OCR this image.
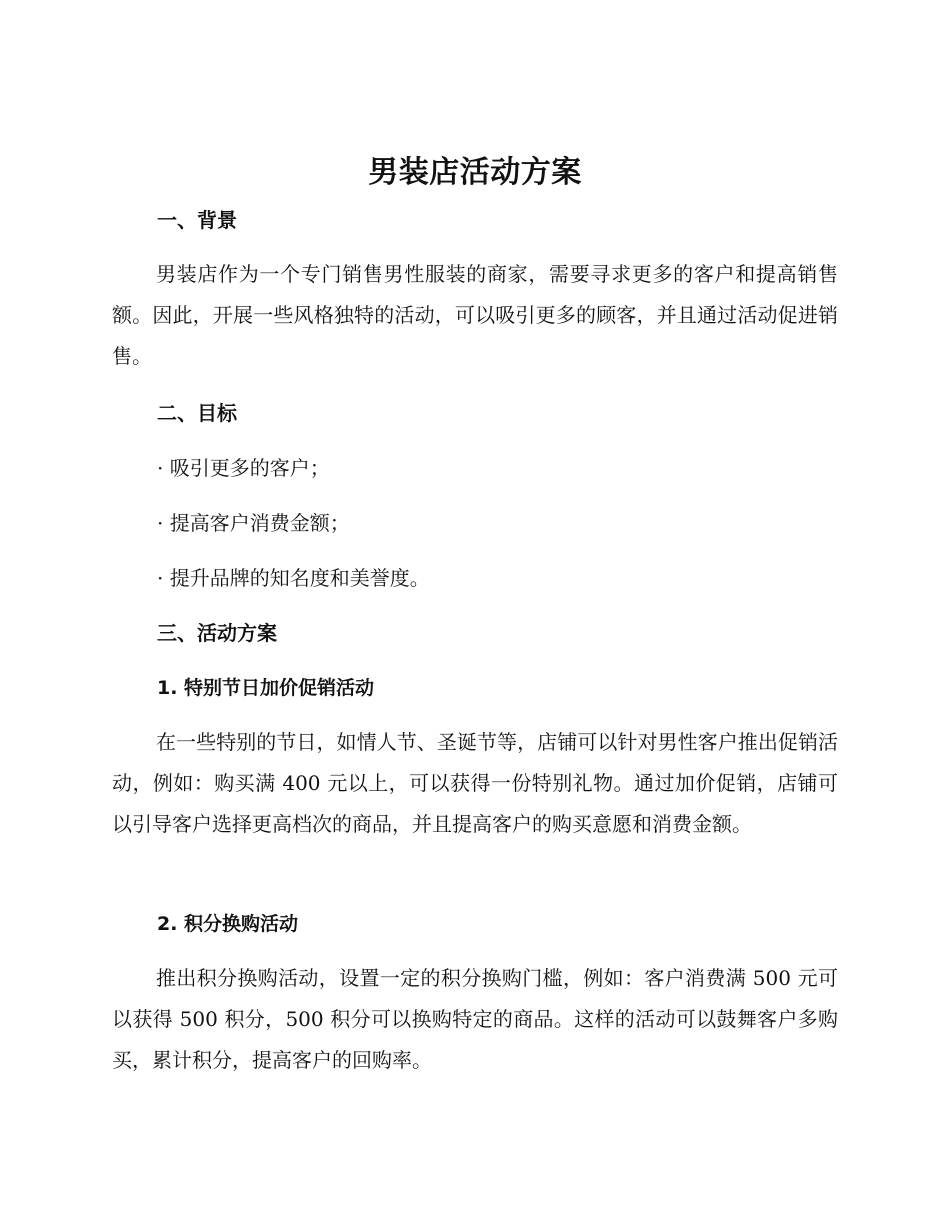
男装店活动方案
一、背景

男装店作为一个专门销售男性服装的商家，需要寻求更多的客户和提高销售额。因此，开展一些风格独特的活动，可以吸引更多的顾客，并且通过活动促进销售。

二、目标
· 吸引更多的客户；
· 提高客户消费金额；
· 提升品牌的知名度和美誉度。
三、活动方案
1. 特别节日加价促销活动

在一些特别的节日，如情人节、圣诞节等，店铺可以针对男性客户推出促销活动，例如：购买满 400 元以上，可以获得一份特别礼物。通过加价促销，店铺可以引导客户选择更高档次的商品，并且提高客户的购买意愿和消费金额。

2. 积分换购活动

推出积分换购活动，设置一定的积分换购门槛，例如：客户消费满 500 元可以获得 500 积分，500 积分可以换购特定的商品。这样的活动可以鼓舞客户多购买，累计积分，提高客户的回购率。
